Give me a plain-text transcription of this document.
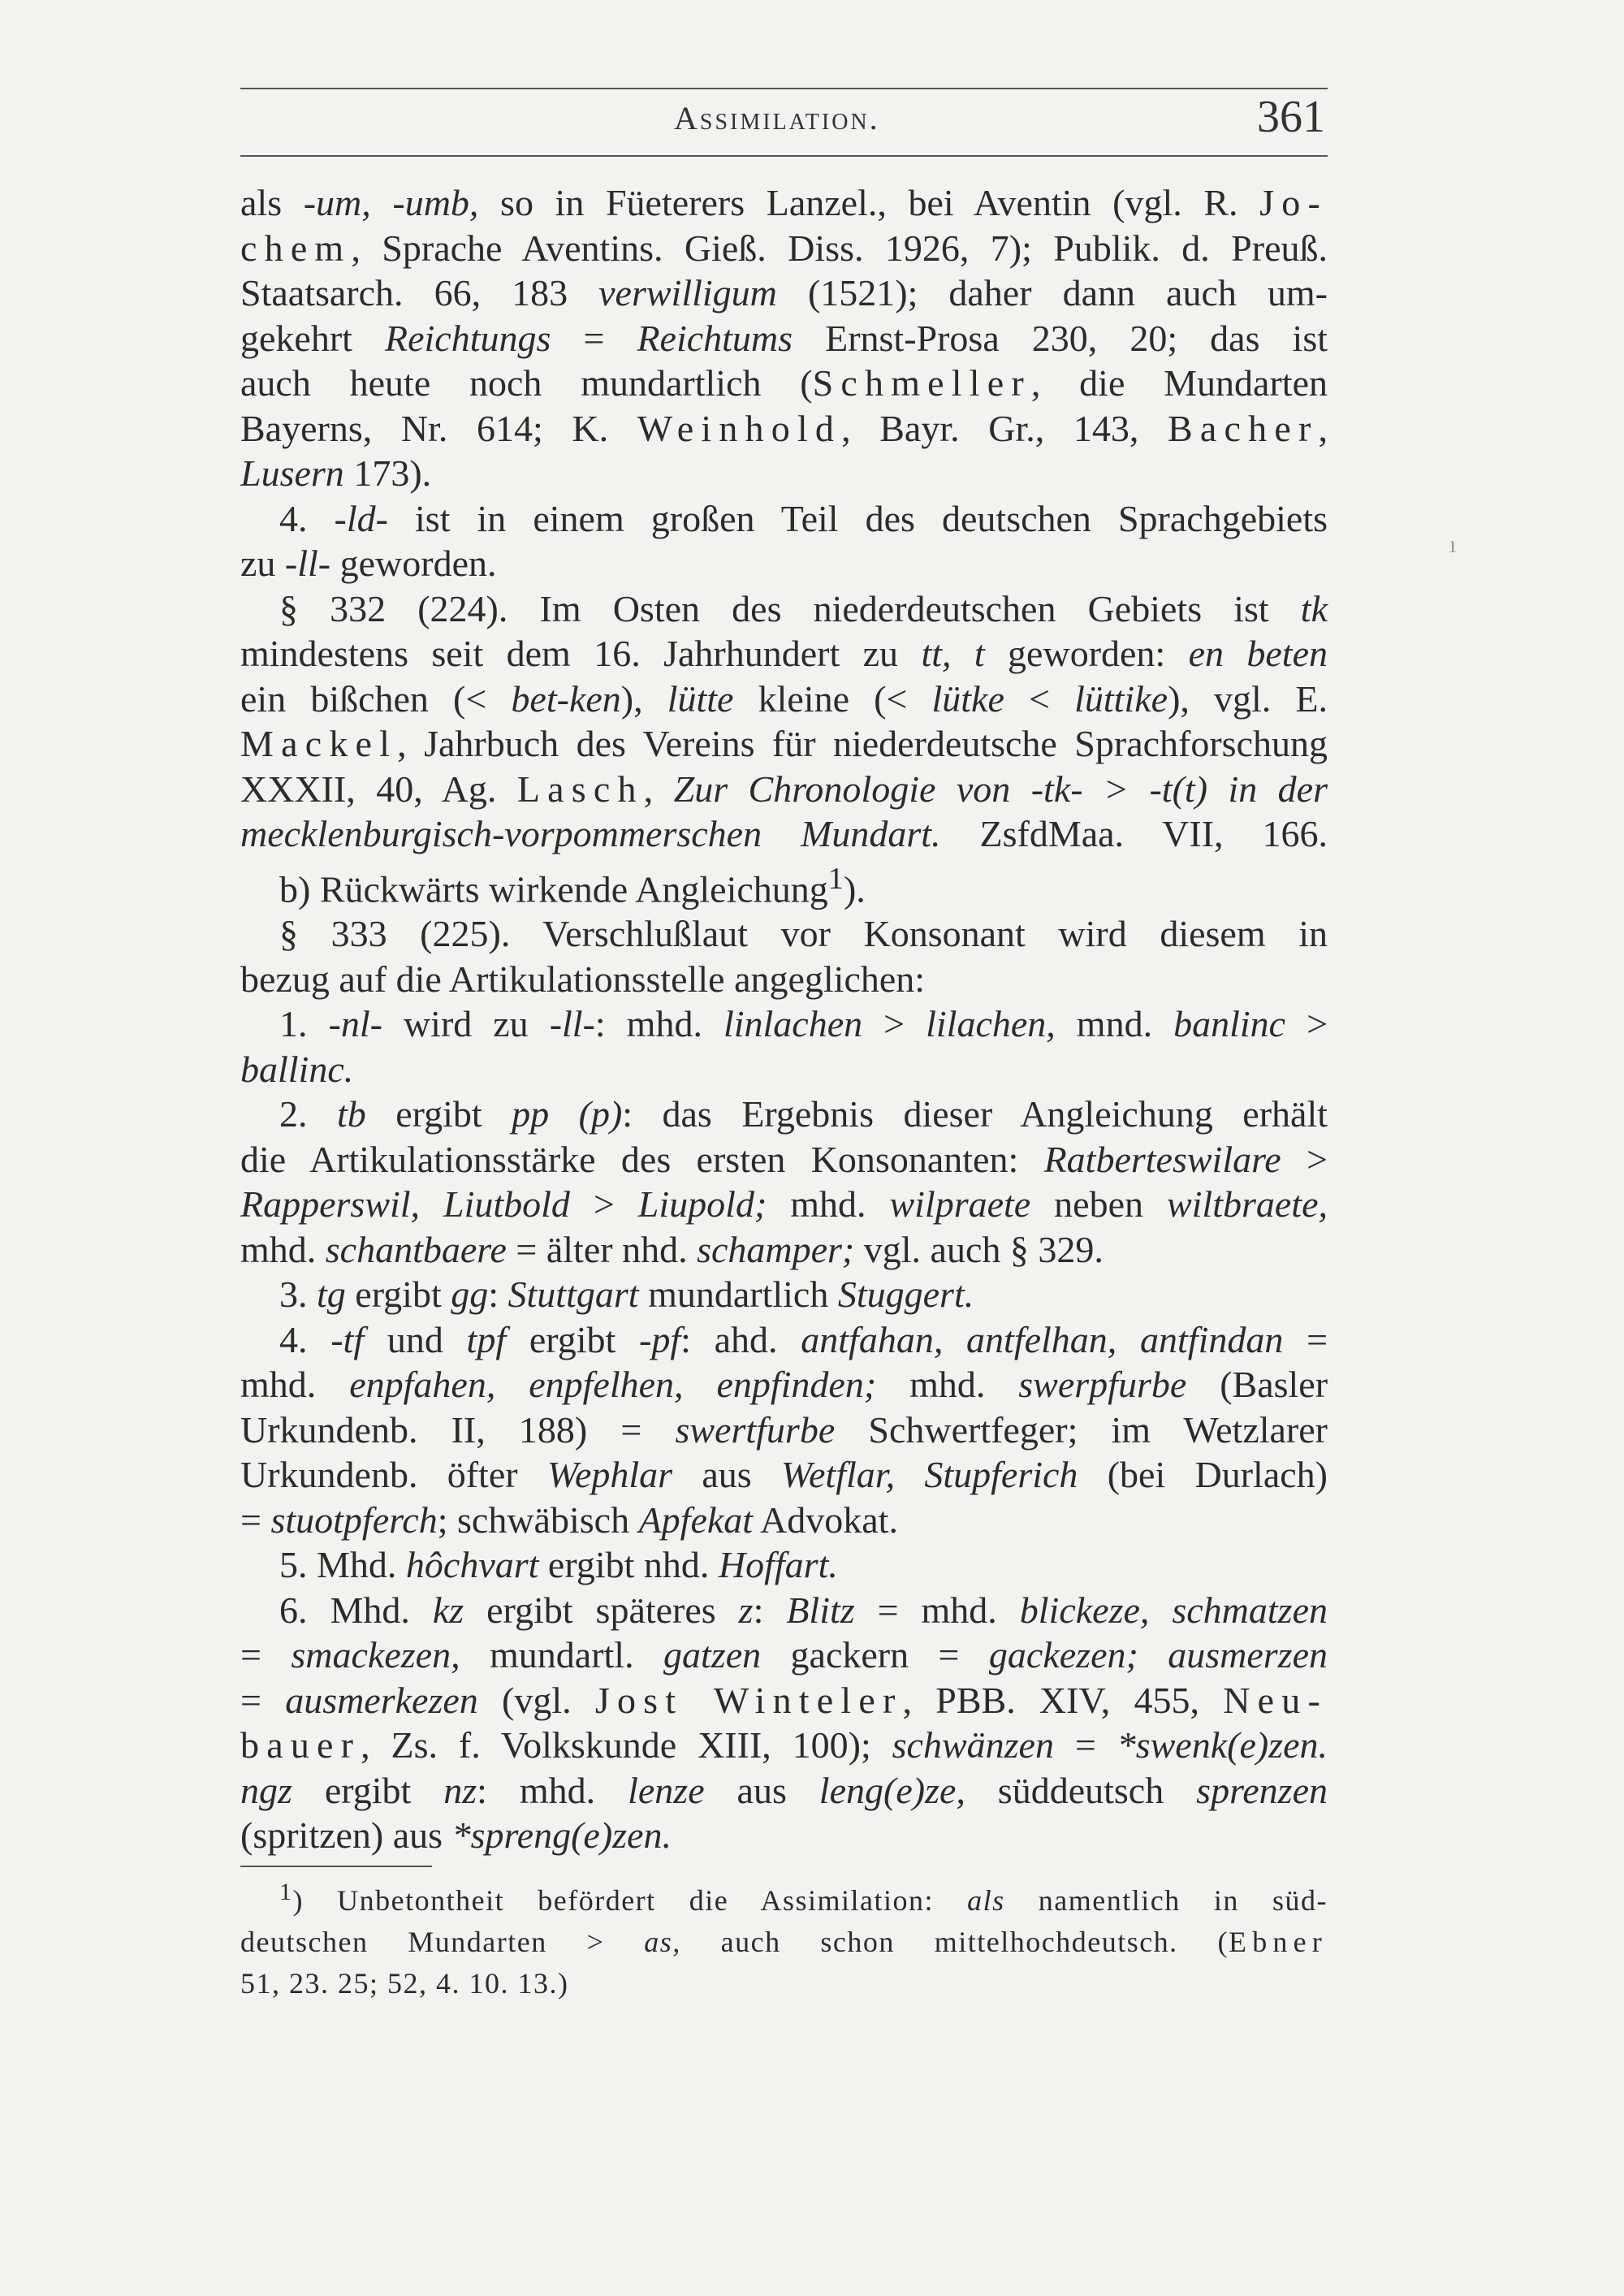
Assimilation.	361
als -um, -umb, so in Füeterers Lanzel., bei Aventin (vgl. R. Jo-
chem, Sprache Aventins. Gieß. Diss. 1926, 7); Publik. d. Preuß.
Staatsarch. 66, 183 verwilligum (1521); daher dann auch um-
gekehrt Reichtungs = Reichtums Ernst-Prosa 230, 20; das ist
auch heute noch mundartlich (Schmeller, die Mundarten
Bayerns, Nr. 614; K. Weinhold, Bayr. Gr., 143, Bacher,
Lusern 173).
4. -ld- ist in einem großen Teil des deutschen Sprachgebiets
zu -ll- geworden.
§ 332 (224). Im Osten des niederdeutschen Gebiets ist tk
mindestens seit dem 16. Jahrhundert zu tt, t geworden: en beten
ein bißchen (< bet-ken), lütte kleine (< lütke < lüttike), vgl. E.
Mackel, Jahrbuch des Vereins für niederdeutsche Sprachforschung
XXXII, 40, Ag. Lasch, Zur Chronologie von -tk- > -t(t) in der
mecklenburgisch-vorpommerschen Mundart. ZsfdMaa. VII, 166.
b) Rückwärts wirkende Angleichung$^1$).
§ 333 (225). Verschlußlaut vor Konsonant wird diesem in
bezug auf die Artikulationsstelle angeglichen:
1. -nl- wird zu -ll-: mhd. linlachen > lilachen, mnd. banlinc >
ballinc.
2. tb ergibt pp (p): das Ergebnis dieser Angleichung erhält
die Artikulationsstärke des ersten Konsonanten: Ratberteswilare >
Rapperswil, Liutbold > Liupold; mhd. wilpraete neben wiltbraete,
mhd. schantbaere = älter nhd. schamper; vgl. auch § 329.
3. tg ergibt gg: Stuttgart mundartlich Stuggert.
4. -tf und tpf ergibt -pf: ahd. antfahan, antfelhan, antfindan =
mhd. enpfahen, enpfelhen, enpfinden; mhd. swerpfurbe (Basler
Urkundenb. II, 188) = swertfurbe Schwertfeger; im Wetzlarer
Urkundenb. öfter Wephlar aus Wetflar, Stupferich (bei Durlach)
= stuotpferch; schwäbisch Apfekat Advokat.
5. Mhd. hôchvart ergibt nhd. Hoffart.
6. Mhd. kz ergibt späteres z: Blitz = mhd. blickeze, schmatzen
= smackezen, mundartl. gatzen gackern = gackezen; ausmerzen
= ausmerkezen (vgl. Jost Winteler, PBB. XIV, 455, Neu-
bauer, Zs. f. Volkskunde XIII, 100); schwänzen = *swenk(e)zen.
ngz ergibt nz: mhd. lenze aus leng(e)ze, süddeutsch sprenzen
(spritzen) aus *spreng(e)zen.
$^1$) Unbetontheit befördert die Assimilation: als namentlich in süd-
deutschen Mundarten > as, auch schon mittelhochdeutsch. (Ebner
51, 23. 25; 52, 4. 10. 13.)
ı
